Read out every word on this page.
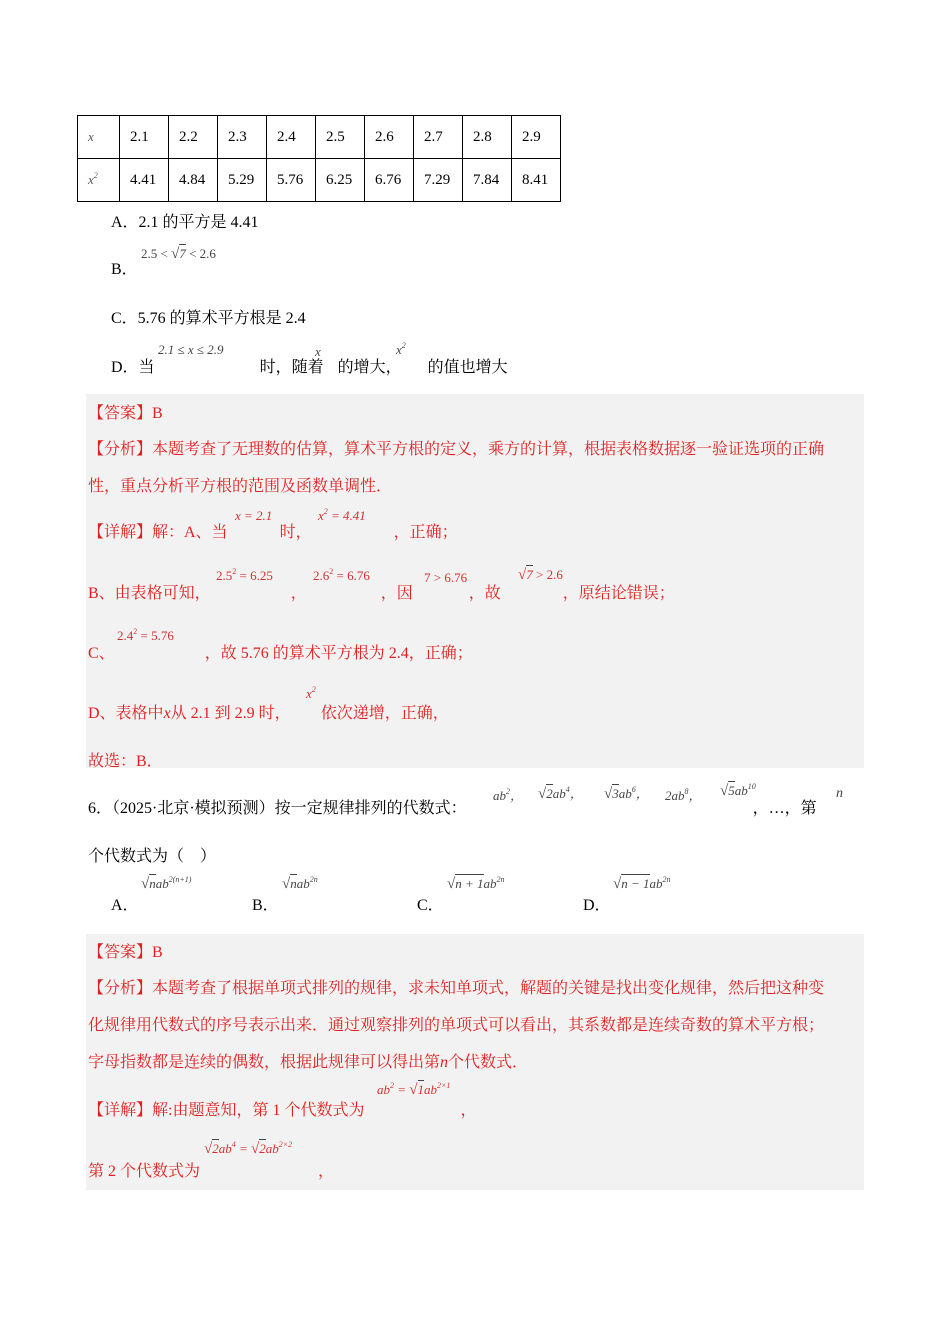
x	2.1	2.2	2.3	2.4	2.5	2.6	2.7	2.8	2.9
$x^2$	4.41	4.84	5.29	5.76	6.25	6.76	7.29	7.84	8.41
A．2.1 的平方是 4.41
B．
2.5 < √7 < 2.6
C．5.76 的算术平方根是 2.4
D．当	时，随着 的增大， 的值也增大
2.1 ≤ x ≤ 2.9	x
【答案】B
【分析】本题考查了无理数的估算，算术平方根的定义，乘方的计算，根据表格数据逐一验证选项的正确
性，重点分析平方根的范围及函数单调性．
【详解】解：A、当	时，	，正确；
x = 2.1	$x^2 = 4.41$
B、由表格可知，	，	，因	，故	，原结论错误；
$2.5^2 = 6.25$	$2.6^2 = 6.76$	7 > 6.76	√7 > 2.6
C、	，故 5.76 的算术平方根为 2.4，正确；
$2.4^2 = 5.76$
D、表格中x从 2.1 到 2.9 时， 依次递增，正确，
$x^2$
故选：B．
6．（2025·北京·模拟预测）按一定规律排列的代数式：	，…，第
$ab^2$， $√2ab^4$， $√3ab^6$， $2ab^8$， $√5ab^{10}$	n
个代数式为（　）
A．
√nab$^{2(n+1)}$
B．
√nab$^{2n}$
C．
$√n + 1ab^{2n}$
D．
$√n - 1ab^{2n}$
【答案】B
【分析】本题考查了根据单项式排列的规律，求未知单项式，解题的关键是找出变化规律，然后把这种变
化规律用代数式的序号表示出来．通过观察排列的单项式可以看出，其系数都是连续奇数的算术平方根；
字母指数都是连续的偶数，根据此规律可以得出第n个代数式．
【详解】解:由题意知，第 1 个代数式为	，
$ab^2 = √1ab^{2\times 1}$
第 2 个代数式为	，
$√2ab^4 = √2ab^{2\times 2}$
$x^2$
